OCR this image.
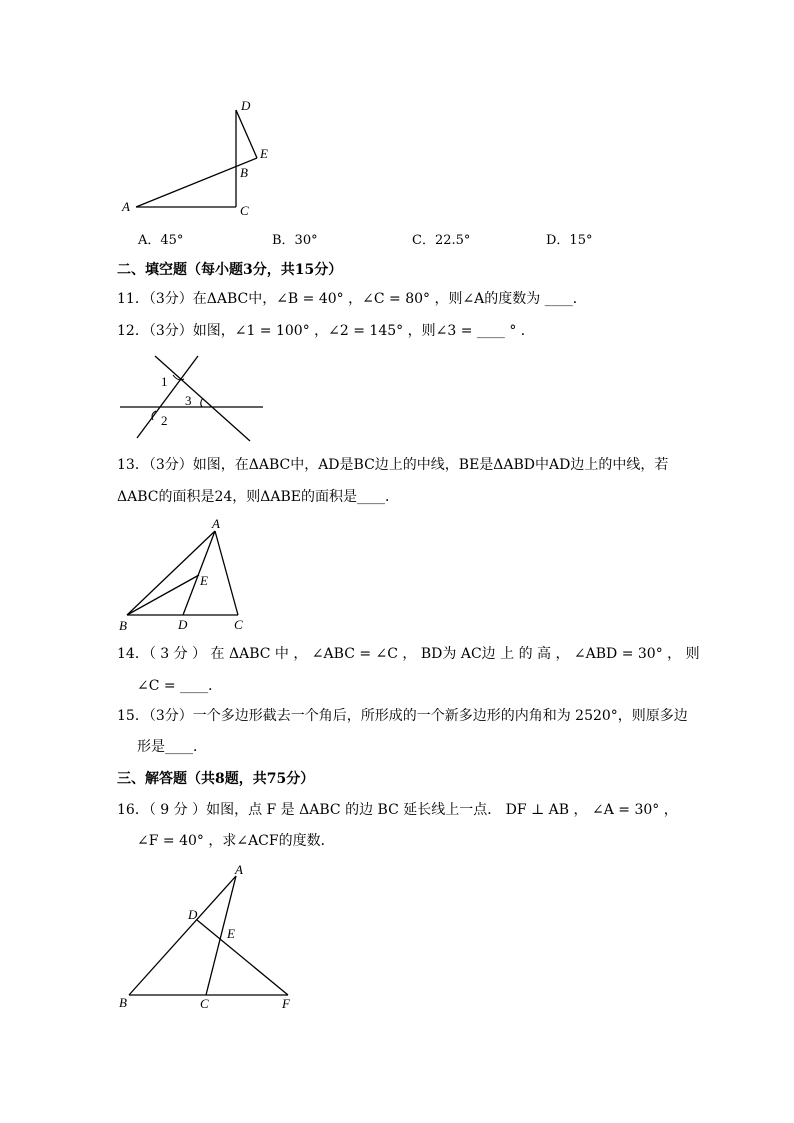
D
E
B
A	C
A．45°	B．30°	C．22.5°	D．15°
二、填空题（每小题3分，共15分）
11．（3分）在ΔABC中，∠B = 40° ，∠C = 80° ，则∠A的度数为 ____．
12．（3分）如图，∠1 = 100° ，∠2 = 145° ，则∠3 = ____ ° ．
1
3
2
13．（3分）如图，在ΔABC中，AD是BC边上的中线，BE是ΔABD中AD边上的中线，若
ΔABC的面积是24，则ΔABE的面积是____．
A
E
B	D	C
14．（ 3 分 ） 在 ΔABC 中 ， ∠ABC = ∠C ， BD为 AC边 上 的 高 ， ∠ABD = 30° ， 则
∠C = ____．
15．（3分）一个多边形截去一个角后，所形成的一个新多边形的内角和为 2520°，则原多边
形是____．
三、解答题（共8题，共75分）
16．（ 9 分 ）如图，点 F 是 ΔABC 的边 BC 延长线上一点． DF ⊥ AB ， ∠A = 30° ，
∠F = 40° ，求∠ACF的度数．
A
D
E
B	C	F
